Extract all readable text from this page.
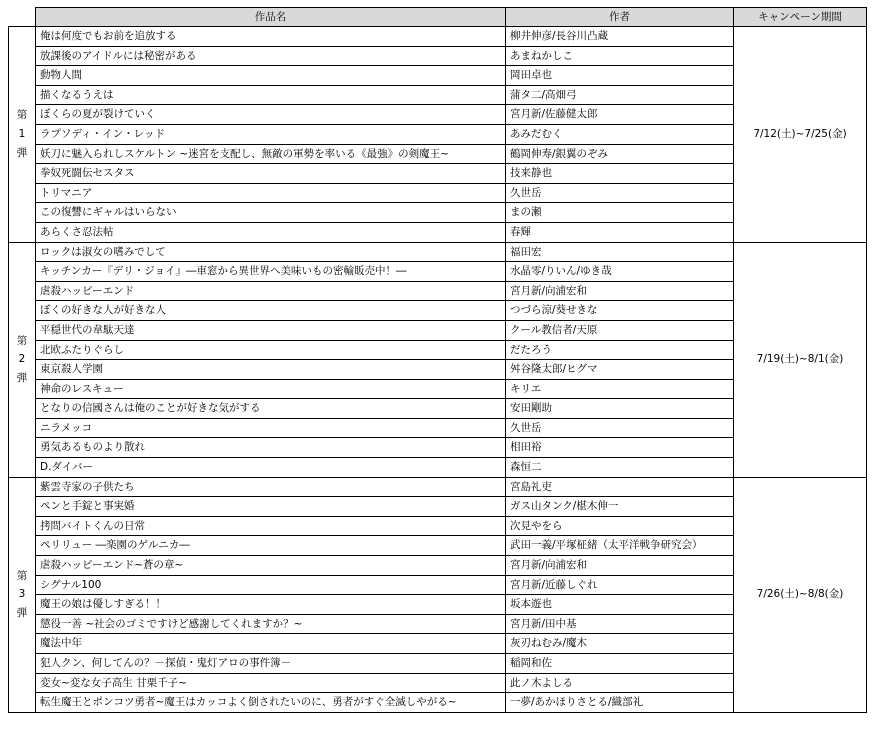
	作品名	作者	キャンペーン期間

第
1
弾	俺は何度でもお前を追放する	柳井伸彦/長谷川凸蔵	7/12(土)~7/25(金)
	放課後のアイドルには秘密がある	あまねかしこ	
	動物人間	岡田卓也	
	描くなるうえは	蒲タ二/高畑弓	
	ぼくらの夏が裂けていく	宮月新/佐藤健太郎	
	ラプソディ・イン・レッド	あみだむく	
	妖刀に魅入られしスケルトン ~迷宮を支配し、無敵の軍勢を率いる《最強》の剣魔王~	鶴岡伸寿/銀翼のぞみ	
	拳奴死闘伝セスタス	技来静也	
	トリマニア	久世岳	
	この復讐にギャルはいらない	まの瀬	
	あらくさ忍法帖	春輝	

第
2
弾	ロックは淑女の嗜みでして	福田宏	7/19(土)~8/1(金)
	キッチンカー『デリ・ジョイ』―車窓から異世界へ美味いもの密輸販売中！―	水晶零/りいん/ゆき哉	
	虐殺ハッピーエンド	宮月新/向浦宏和	
	ぼくの好きな人が好きな人	つづら涼/葵せきな	
	平穏世代の韋駄天達	クール教信者/天原	
	北欧ふたりぐらし	だたろう	
	東京殺人学園	舛谷隆太郎/ヒグマ	
	神命のレスキュー	キリエ	
	となりの信國さんは俺のことが好きな気がする	安田剛助	
	ニラメッコ	久世岳	
	勇気あるものより散れ	相田裕	
	D.ダイバー	森恒二	

第
3
弾	紫雲寺家の子供たち	宮島礼吏	7/26(土)~8/8(金)
	ペンと手錠と事実婚	ガス山タンク/椹木伸一	
	拷問バイトくんの日常	次見やをら	
	ペリリュー ―楽園のゲルニカ―	武田一義/平塚柾緒（太平洋戦争研究会）	
	虐殺ハッピーエンド~蒼の章~	宮月新/向浦宏和	
	シグナル100	宮月新/近藤しぐれ	
	魔王の娘は優しすぎる！！	坂本遊也	
	懲役一善 ~社会のゴミですけど感謝してくれますか？~	宮月新/田中基	
	魔法中年	灰刃ねむみ/魔木	
	犯人クン、何してんの？－探偵・鬼灯アロの事件簿－	稲岡和佐	
	変女~変な女子高生 甘栗千子~	此ノ木よしる	
	転生魔王とポンコツ勇者~魔王はカッコよく倒されたいのに、勇者がすぐ全滅しやがる~	一夢/あかほりさとる/織部礼	
